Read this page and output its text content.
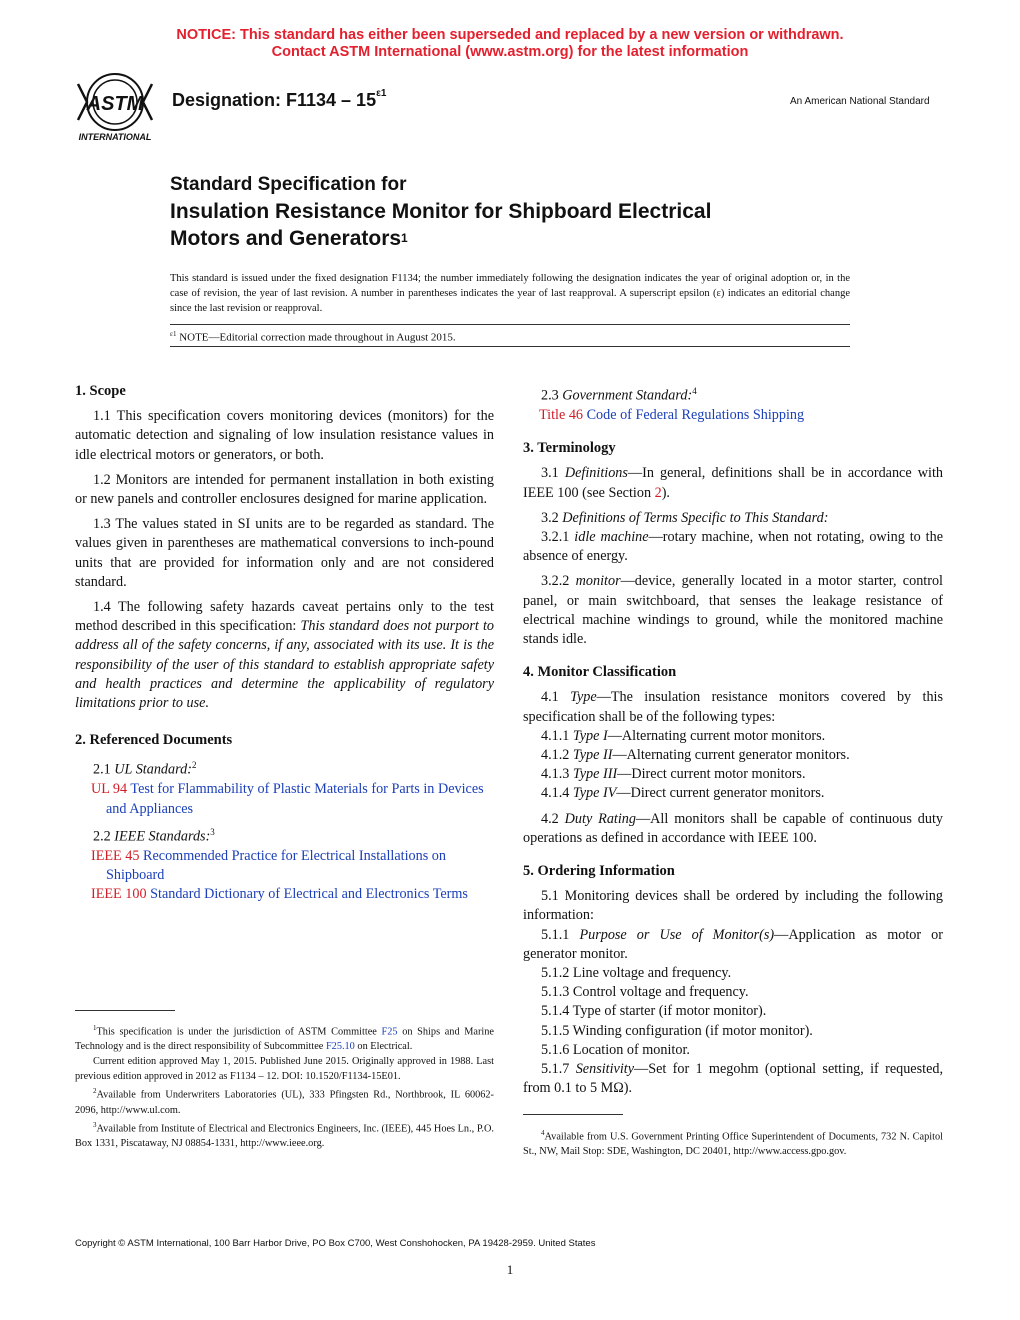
NOTICE: This standard has either been superseded and replaced by a new version or withdrawn.
Contact ASTM International (www.astm.org) for the latest information
ASTM
INTERNATIONAL
Designation: $F1134 - 15^{\varepsilon 1}$
An American National Standard
Standard Specification for
Insulation Resistance Monitor for Shipboard Electrical
Motors and Generators$^1$
This standard is issued under the fixed designation F1134; the number immediately following the designation indicates the year of original adoption or, in the case of revision, the year of last revision. A number in parentheses indicates the year of last reapproval. A superscript epsilon (ε) indicates an editorial change since the last revision or reapproval.
$^{\varepsilon 1}$ NOTE—Editorial correction made throughout in August 2015.

1. Scope

1.1 This specification covers monitoring devices (monitors) for the automatic detection and signaling of low insulation resistance values in idle electrical motors or generators, or both.

1.2 Monitors are intended for permanent installation in both existing or new panels and controller enclosures designed for marine application.

1.3 The values stated in SI units are to be regarded as standard. The values given in parentheses are mathematical conversions to inch-pound units that are provided for information only and are not considered standard.

1.4 The following safety hazards caveat pertains only to the test method described in this specification: This standard does not purport to address all of the safety concerns, if any, associated with its use. It is the responsibility of the user of this standard to establish appropriate safety and health practices and determine the applicability of regulatory limitations prior to use.

2. Referenced Documents

2.1 UL Standard:$^2$

UL 94 Test for Flammability of Plastic Materials for Parts in Devices and Appliances

2.2 IEEE Standards:$^3$

IEEE 45 Recommended Practice for Electrical Installations on Shipboard

IEEE 100 Standard Dictionary of Electrical and Electronics Terms

$^1$This specification is under the jurisdiction of ASTM Committee F25 on Ships and Marine Technology and is the direct responsibility of Subcommittee F25.10 on Electrical.

Current edition approved May 1, 2015. Published June 2015. Originally approved in 1988. Last previous edition approved in 2012 as F1134 – 12. DOI: 10.1520/F1134-15E01.

$^2$Available from Underwriters Laboratories (UL), 333 Pfingsten Rd., Northbrook, IL 60062-2096, http://www.ul.com.

$^3$Available from Institute of Electrical and Electronics Engineers, Inc. (IEEE), 445 Hoes Ln., P.O. Box 1331, Piscataway, NJ 08854-1331, http://www.ieee.org.

2.3 Government Standard:$^4$

Title 46 Code of Federal Regulations Shipping

3. Terminology

3.1 Definitions—In general, definitions shall be in accordance with IEEE 100 (see Section 2).

3.2 Definitions of Terms Specific to This Standard:

3.2.1 idle machine—rotary machine, when not rotating, owing to the absence of energy.

3.2.2 monitor—device, generally located in a motor starter, control panel, or main switchboard, that senses the leakage resistance of electrical machine windings to ground, while the monitored machine stands idle.

4. Monitor Classification

4.1 Type—The insulation resistance monitors covered by this specification shall be of the following types:

4.1.1 Type I—Alternating current motor monitors.

4.1.2 Type II—Alternating current generator monitors.

4.1.3 Type III—Direct current motor monitors.

4.1.4 Type IV—Direct current generator monitors.

4.2 Duty Rating—All monitors shall be capable of continuous duty operations as defined in accordance with IEEE 100.

5. Ordering Information

5.1 Monitoring devices shall be ordered by including the following information:

5.1.1 Purpose or Use of Monitor(s)—Application as motor or generator monitor.

5.1.2 Line voltage and frequency.

5.1.3 Control voltage and frequency.

5.1.4 Type of starter (if motor monitor).

5.1.5 Winding configuration (if motor monitor).

5.1.6 Location of monitor.

5.1.7 Sensitivity—Set for 1 megohm (optional setting, if requested, from 0.1 to 5 MΩ).

$^4$Available from U.S. Government Printing Office Superintendent of Documents, 732 N. Capitol St., NW, Mail Stop: SDE, Washington, DC 20401, http://www.access.gpo.gov.

Copyright © ASTM International, 100 Barr Harbor Drive, PO Box C700, West Conshohocken, PA 19428-2959. United States
1
